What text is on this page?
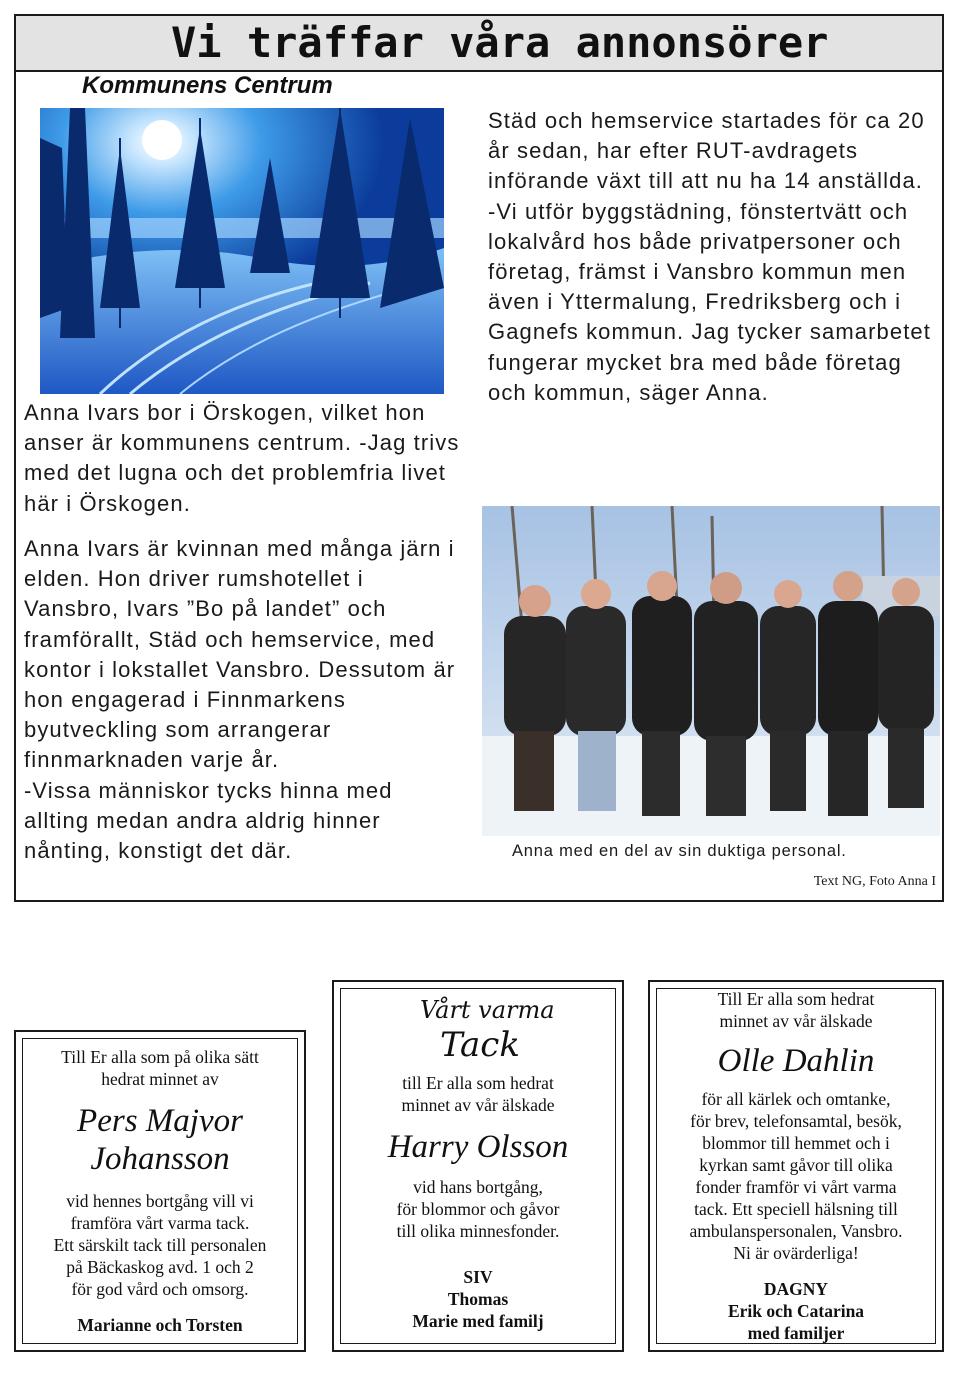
Vi träffar våra annonsörer
Kommunens Centrum

Anna Ivars bor i Örskogen, vilket hon anser är kommunens centrum. -Jag trivs med det lugna och det problemfria livet här i Örskogen.

Anna Ivars är kvinnan med många järn i elden. Hon driver rumshotellet i Vansbro, Ivars ”Bo på landet” och framförallt, Städ och hemservice, med kontor i lokstallet Vansbro. Dessutom är hon engagerad i Finnmarkens byutveckling som arrangerar finnmarknaden varje år.

-Vissa människor tycks hinna med allting medan andra aldrig hinner nånting, konstigt det där.

Städ och hemservice startades för ca 20 år sedan, har efter RUT-avdragets införande växt till att nu ha 14 anställda.

-Vi utför byggstädning, fönstertvätt och lokalvård hos både privatpersoner och företag, främst i Vansbro kommun men även i Yttermalung, Fredriksberg och i Gagnefs kommun. Jag tycker samarbetet fungerar mycket bra med både företag och kommun, säger Anna.

Anna med en del av sin duktiga personal.
Text NG, Foto Anna I

Till Er alla som på olika sätt

hedrat minnet av

Pers Majvor

Johansson

vid hennes bortgång vill vi

framföra vårt varma tack.

Ett särskilt tack till personalen

på Bäckaskog avd. 1 och 2

för god vård och omsorg.

Marianne och Torsten

Vårt varma

Tack

till Er alla som hedrat

minnet av vår älskade

Harry Olsson

vid hans bortgång,

för blommor och gåvor

till olika minnesfonder.

SIV

Thomas

Marie med familj

Till Er alla som hedrat

minnet av vår älskade

Olle Dahlin

för all kärlek och omtanke,

för brev, telefonsamtal, besök,

blommor till hemmet och i

kyrkan samt gåvor till olika

fonder framför vi vårt varma

tack. Ett speciell hälsning till

ambulanspersonalen, Vansbro.

Ni är ovärderliga!

DAGNY

Erik och Catarina

med familjer
